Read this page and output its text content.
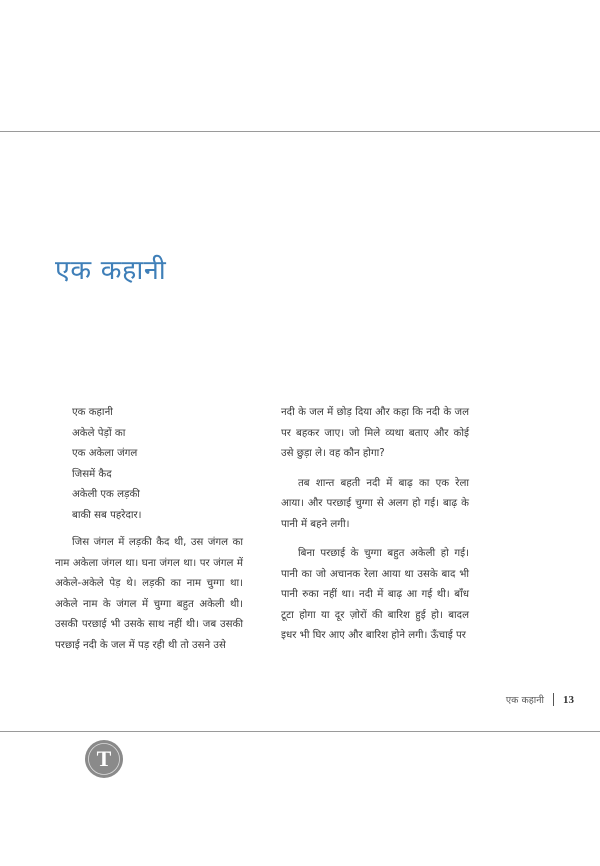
एक कहानी
एक कहानी
अकेले पेड़ों का
एक अकेला जंगल
जिसमें कैद
अकेली एक लड़की
बाकी सब पहरेदार।

जिस जंगल में लड़की कैद थी, उस जंगल का नाम अकेला जंगल था। घना जंगल था। पर जंगल में अकेले-अकेले पेड़ थे। लड़की का नाम चुग्गा था। अकेले नाम के जंगल में चुग्गा बहुत अकेली थी। उसकी परछाई भी उसके साथ नहीं थी। जब उसकी परछाई नदी के जल में पड़ रही थी तो उसने उसे

नदी के जल में छोड़ दिया और कहा कि नदी के जल पर बहकर जाए। जो मिले व्यथा बताए और कोई उसे छुड़ा ले। वह कौन होगा?

तब शान्त बहती नदी में बाढ़ का एक रेला आया। और परछाई चुग्गा से अलग हो गई। बाढ़ के पानी में बहने लगी।

बिना परछाई के चुग्गा बहुत अकेली हो गई। पानी का जो अचानक रेला आया था उसके बाद भी पानी रुका नहीं था। नदी में बाढ़ आ गई थी। बाँध टूटा होगा या दूर ज़ोरों की बारिश हुई हो। बादल इधर भी घिर आए और बारिश होने लगी। ऊँचाई पर

एक कहानी 13
T
